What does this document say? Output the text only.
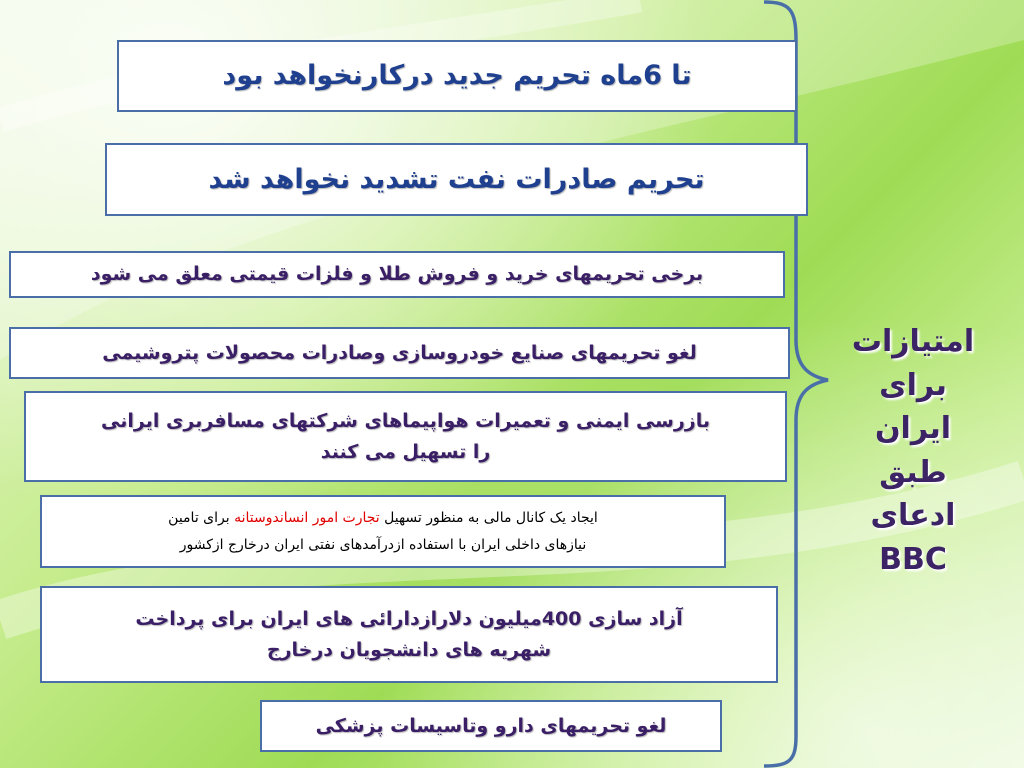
تا 6ماه تحریم جدید درکارنخواهد بود
تحریم صادرات نفت تشدید نخواهد شد
برخی تحریمهای خرید و فروش طلا و فلزات قیمتی معلق می شود
لغو تحریمهای صنایع خودروسازی وصادرات محصولات پتروشیمی
بازرسی ایمنی و تعمیرات هواپیماهای شرکتهای مسافربری ایرانی
را تسهیل می کنند
ایجاد یک کانال مالی به منظور تسهیل تجارت امور انساندوستانه برای تامین
نیازهای داخلی ایران با استفاده ازدرآمدهای نفتی ایران درخارج ازکشور
آزاد سازی 400میلیون دلارازدارائی های ایران برای پرداخت
شهریه های دانشجویان درخارج
لغو تحریمهای دارو وتاسیسات پزشکی
امتیازات
برای ایران
طبق ادعای
BBC
